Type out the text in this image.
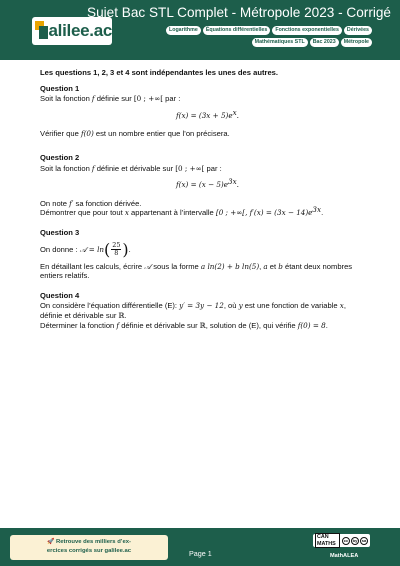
alilee.ac
Sujet Bac STL Complet - Métropole 2023 - Corrigé
Logarithme	Équations différentielles	Fonctions exponentielles	Dérivées
Mathématiques STL	Bac 2023	Métropole
Les questions 1, 2, 3 et 4 sont indépendantes les unes des autres.
Question 1
Soit la fonction f définie sur [0 ; +∞[ par :
$f(x) = (3x + 5)e^x$.
Vérifier que f(0) est un nombre entier que l’on précisera.
Question 2
Soit la fonction f définie et dérivable sur [0 ; +∞[ par :
$f(x) = (x - 5)e^{3x}$.
On note f′ sa fonction dérivée.
Démontrer que pour tout x appartenant à l’intervalle [0 ; +∞[, $f'(x) = (3x - 14)e^{3x}$.
Question 3
On donne : 𝒜 = $\ln( \frac{25}{8}$ ).
En détaillant les calculs, écrire 𝒜 sous la forme a ln(2) + b ln(5), a et b étant deux nombres
entiers relatifs.
Question 4
On considère l’équation différentielle (E): y′ = 3y − 12, où y est une fonction de variable x,
définie et dérivable sur ℝ.
Déterminer la fonction f définie et dérivable sur ℝ, solution de (E), qui vérifie f(0) = 8.
🚀 Retrouve des milliers d’ex-
ercices corrigés sur galilee.ac	Page 1
CAN MATHS
cc	by	sa
MathALEA
